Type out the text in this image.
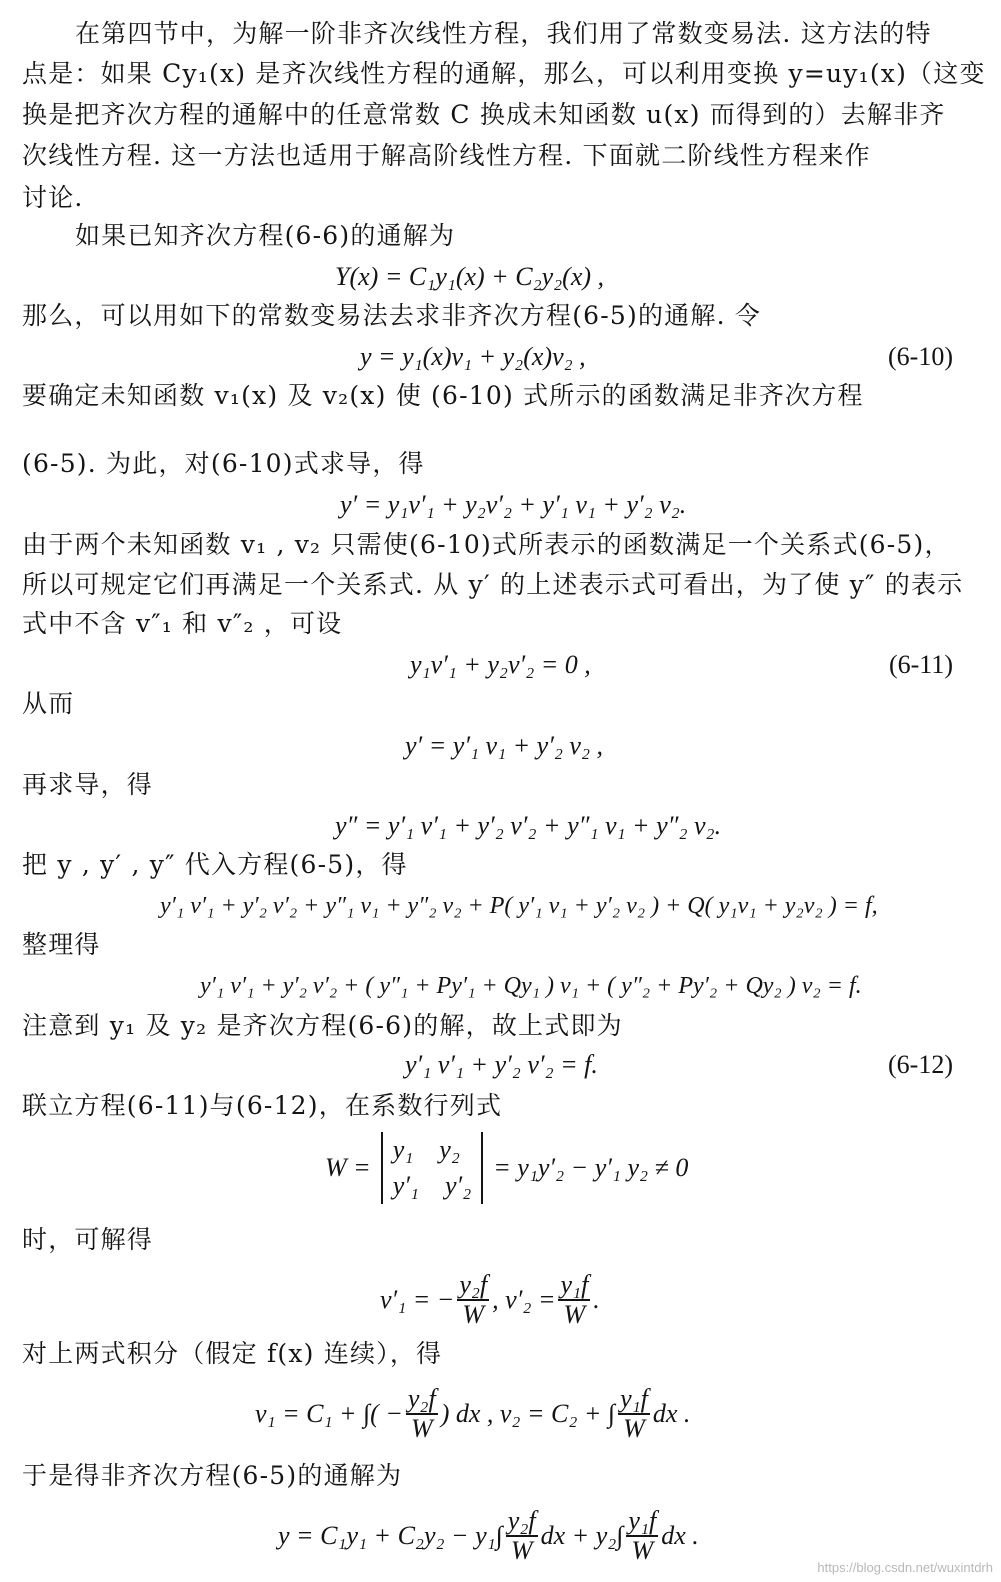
在第四节中，为解一阶非齐次线性方程，我们用了常数变易法. 这方法的特
点是：如果 Cy₁(x) 是齐次线性方程的通解，那么，可以利用变换 y=uy₁(x)（这变
换是把齐次方程的通解中的任意常数 C 换成未知函数 u(x) 而得到的）去解非齐
次线性方程. 这一方法也适用于解高阶线性方程. 下面就二阶线性方程来作
讨论.
如果已知齐次方程(6-6)的通解为
Y(x) = C₁y₁(x) + C₂y₂(x) ,
那么，可以用如下的常数变易法去求非齐次方程(6-5)的通解. 令
y = y₁(x)v₁ + y₂(x)v₂ ,	(6-10)
要确定未知函数 v₁(x) 及 v₂(x) 使 (6-10) 式所示的函数满足非齐次方程
(6-5). 为此，对(6-10)式求导，得
y′ = y₁v′₁ + y₂v′₂ + y′₁ v₁ + y′₂ v₂.
由于两个未知函数 v₁ , v₂ 只需使(6-10)式所表示的函数满足一个关系式(6-5)，
所以可规定它们再满足一个关系式. 从 y′ 的上述表示式可看出，为了使 y″ 的表示
式中不含 v″₁ 和 v″₂ ，可设
y₁v′₁ + y₂v′₂ = 0 ,	(6-11)
从而
y′ = y′₁ v₁ + y′₂ v₂ ,
再求导，得
y″ = y′₁ v′₁ + y′₂ v′₂ + y″₁ v₁ + y″₂ v₂.
把 y , y′ , y″ 代入方程(6-5)，得
y′₁ v′₁ + y′₂ v′₂ + y″₁ v₁ + y″₂ v₂ + P( y′₁ v₁ + y′₂ v₂ ) + Q( y₁v₁ + y₂v₂ ) = f,
整理得
y′₁ v′₁ + y′₂ v′₂ + ( y″₁ + Py′₁ + Qy₁ ) v₁ + ( y″₂ + Py′₂ + Qy₂ ) v₂ = f.
注意到 y₁ 及 y₂ 是齐次方程(6-6)的解，故上式即为
y′₁ v′₁ + y′₂ v′₂ = f.	(6-12)
联立方程(6-11)与(6-12)，在系数行列式
W =
y₁ y₂
y′₁ y′₂
= y₁y′₂ − y′₁ y₂ ≠ 0
时，可解得
v′₁ = − $\frac{\text{y₂f}}{W}$ , $v'_2 = \frac{\text{y₁f}}{W}$ .
对上两式积分（假定 f(x) 连续），得
v₁ = C₁ + ∫( − $\frac{\text{y₂f}}{W}$ ) dx , v₂ = C₂ + ∫ $\frac{\text{y₁f}}{W}$ dx .
于是得非齐次方程(6-5)的通解为
$y = C_1y_1 + C_2y_2 - y_1\int \frac{\text{y₂f}}{W}$ dx + $y_2\int \frac{\text{y₁f}}{W}$ dx .
https://blog.csdn.net/wuxintdrh
